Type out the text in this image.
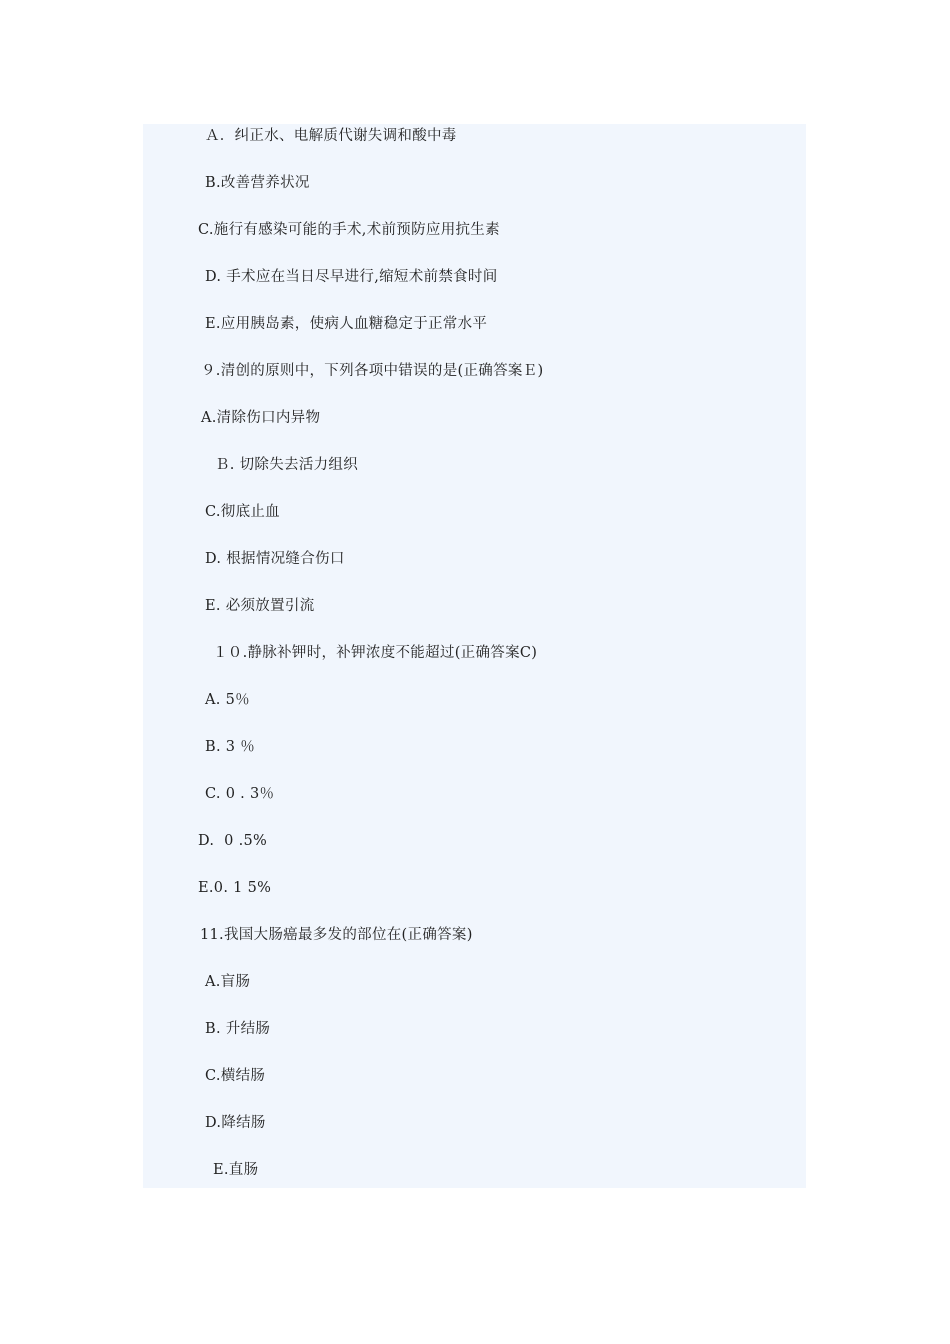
Ａ．纠正水、电解质代谢失调和酸中毒
B.改善营养状况
C.施行有感染可能的手术,术前预防应用抗生素
D. 手术应在当日尽早进行,缩短术前禁食时间
E.应用胰岛素，使病人血糖稳定于正常水平
９.清创的原则中，下列各项中错误的是(正确答案Ｅ)
A.清除伤口内异物
Ｂ. 切除失去活力组织
C.彻底止血
D. 根据情况缝合伤口
E. 必须放置引流
１０.静脉补钾时，补钾浓度不能超过(正确答案C)
A. 5％
B. 3 ％
C. 0 . 3％
D.  0 .5%
E.0. 1 5%
11.我国大肠癌最多发的部位在(正确答案)
A.盲肠
B. 升结肠
C.横结肠
D.降结肠
E.直肠
